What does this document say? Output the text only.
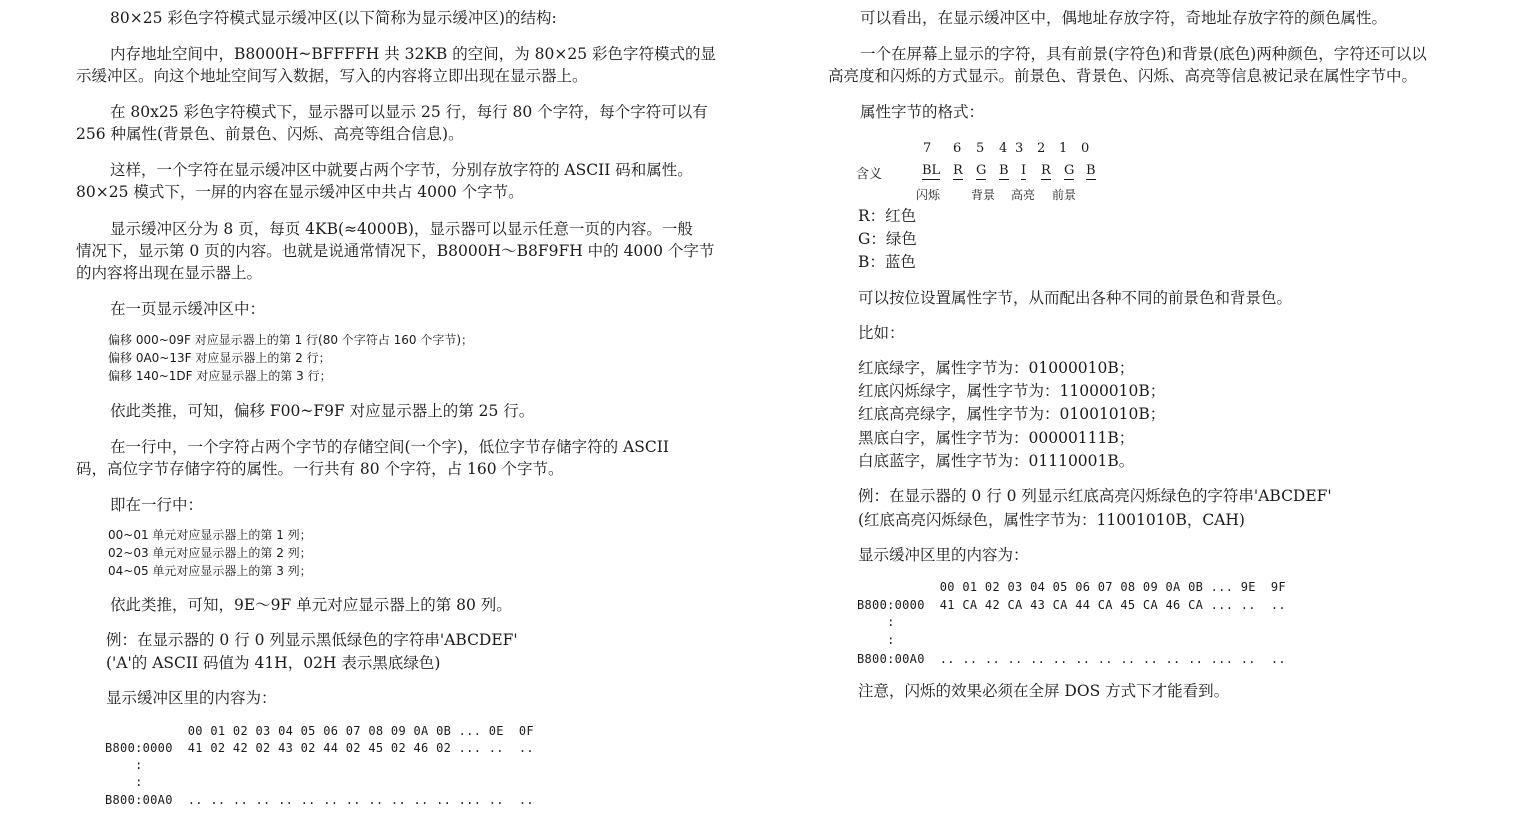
80×25 彩色字符模式显示缓冲区(以下简称为显示缓冲区)的结构:
内存地址空间中，B8000H~BFFFFH 共 32KB 的空间，为 80×25 彩色字符模式的显
示缓冲区。向这个地址空间写入数据，写入的内容将立即出现在显示器上。
在 80x25 彩色字符模式下，显示器可以显示 25 行，每行 80 个字符，每个字符可以有
256 种属性(背景色、前景色、闪烁、高亮等组合信息)。
这样，一个字符在显示缓冲区中就要占两个字节，分别存放字符的 ASCII 码和属性。
80×25 模式下，一屏的内容在显示缓冲区中共占 4000 个字节。
显示缓冲区分为 8 页，每页 4KB(≈4000B)，显示器可以显示任意一页的内容。一般
情况下，显示第 0 页的内容。也就是说通常情况下，B8000H～B8F9FH 中的 4000 个字节
的内容将出现在显示器上。
在一页显示缓冲区中：
偏移 000~09F 对应显示器上的第 1 行(80 个字符占 160 个字节)；
偏移 0A0~13F 对应显示器上的第 2 行；
偏移 140~1DF 对应显示器上的第 3 行；
依此类推，可知，偏移 F00~F9F 对应显示器上的第 25 行。
在一行中，一个字符占两个字节的存储空间(一个字)，低位字节存储字符的 ASCII
码，高位字节存储字符的属性。一行共有 80 个字符，占 160 个字节。
即在一行中：
00~01 单元对应显示器上的第 1 列；
02~03 单元对应显示器上的第 2 列；
04~05 单元对应显示器上的第 3 列；
依此类推，可知，9E～9F 单元对应显示器上的第 80 列。
例：在显示器的 0 行 0 列显示黑低绿色的字符串'ABCDEF'
('A'的 ASCII 码值为 41H，02H 表示黑底绿色)
显示缓冲区里的内容为：
00 01 02 03 04 05 06 07 08 09 0A 0B ... 0E  0F
B800:0000  41 02 42 02 43 02 44 02 45 02 46 02 ... ..  ..
:
:
B800:00A0  .. .. .. .. .. .. .. .. .. .. .. .. ... ..  ..
可以看出，在显示缓冲区中，偶地址存放字符，奇地址存放字符的颜色属性。
一个在屏幕上显示的字符，具有前景(字符色)和背景(底色)两种颜色，字符还可以以
高亮度和闪烁的方式显示。前景色、背景色、闪烁、高亮等信息被记录在属性字节中。
属性字节的格式：
7 6 5 4 3 2 1 0
含义	BL R G B I R G B
闪烁	背景 高亮 前景
R：红色
G：绿色
B：蓝色
可以按位设置属性字节，从而配出各种不同的前景色和背景色。
比如：
红底绿字，属性字节为：01000010B；
红底闪烁绿字，属性字节为：11000010B；
红底高亮绿字，属性字节为：01001010B；
黑底白字，属性字节为：00000111B；
白底蓝字，属性字节为：01110001B。
例：在显示器的 0 行 0 列显示红底高亮闪烁绿色的字符串'ABCDEF'
(红底高亮闪烁绿色，属性字节为：11001010B，CAH)
显示缓冲区里的内容为：
00 01 02 03 04 05 06 07 08 09 0A 0B ... 9E  9F
B800:0000  41 CA 42 CA 43 CA 44 CA 45 CA 46 CA ... ..  ..
:
:
B800:00A0  .. .. .. .. .. .. .. .. .. .. .. .. ... ..  ..
注意，闪烁的效果必须在全屏 DOS 方式下才能看到。
